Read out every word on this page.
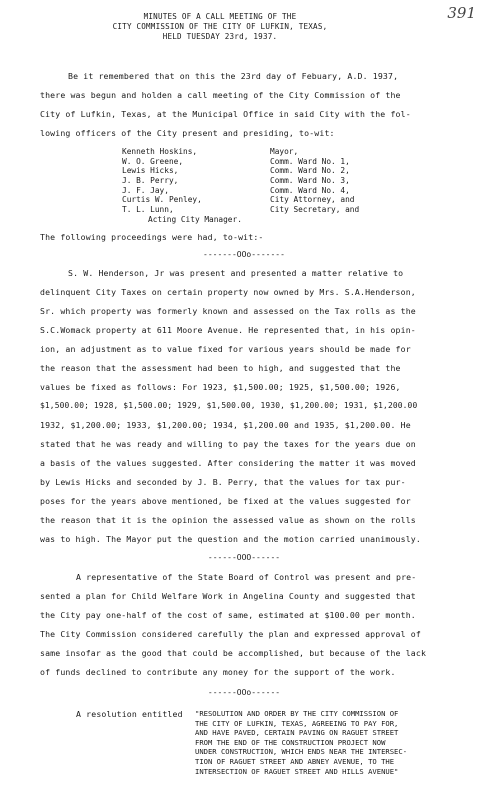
391
MINUTES OF A CALL MEETING OF THE
CITY COMMISSION OF THE CITY OF LUFKIN, TEXAS,
HELD TUESDAY 23rd, 1937.
Be it remembered that on this the 23rd day of Febuary, A.D. 1937,
there was begun and holden a call meeting of the City Commission of the
City of Lufkin, Texas, at the Municipal Office in said City with the fol-
lowing officers of the City present and presiding, to-wit:
Kenneth Hoskins,	Mayor,
W. O. Greene,	Comm. Ward No. 1,
Lewis Hicks,	Comm. Ward No. 2,
J. B. Perry,	Comm. Ward No. 3,
J. F. Jay,	Comm. Ward No. 4,
Curtis W. Penley,	City Attorney, and
T. L. Lunn,	City Secretary, and
Acting City Manager.
The following proceedings were had, to-wit:-
-------OOo-------
S. W. Henderson, Jr was present and presented a matter relative to
delinquent City Taxes on certain property now owned by Mrs. S.A.Henderson,
Sr. which property was formerly known and assessed on the Tax rolls as the
S.C.Womack property at 611 Moore Avenue. He represented that, in his opin-
ion, an adjustment as to value fixed for various years should be made for
the reason that the assessment had been to high, and suggested that the
values be fixed as follows: For 1923, $1,500.00; 1925, $1,500.00; 1926,
$1,500.00; 1928, $1,500.00; 1929, $1,500.00, 1930, $1,200.00; 1931, $1,200.00
1932, $1,200.00; 1933, $1,200.00; 1934, $1,200.00 and 1935, $1,200.00. He
stated that he was ready and willing to pay the taxes for the years due on
a basis of the values suggested. After considering the matter it was moved
by Lewis Hicks and seconded by J. B. Perry, that the values for tax pur-
poses for the years above mentioned, be fixed at the values suggested for
the reason that it is the opinion the assessed value as shown on the rolls
was to high. The Mayor put the question and the motion carried unanimously.
------OOO------
A representative of the State Board of Control was present and pre-
sented a plan for Child Welfare Work in Angelina County and suggested that
the City pay one-half of the cost of same, estimated at $100.00 per month.
The City Commission considered carefully the plan and expressed approval of
same insofar as the good that could be accomplished, but because of the lack
of funds declined to contribute any money for the support of the work.
------OOo------
A resolution entitled "RESOLUTION AND ORDER BY THE CITY COMMISSION OF
THE CITY OF LUFKIN, TEXAS, AGREEING TO PAY FOR,
AND HAVE PAVED, CERTAIN PAVING ON RAGUET STREET
FROM THE END OF THE CONSTRUCTION PROJECT NOW
UNDER CONSTRUCTION, WHICH ENDS NEAR THE INTERSEC-
TION OF RAGUET STREET AND ABNEY AVENUE, TO THE
INTERSECTION OF RAGUET STREET AND HILLS AVENUE"
